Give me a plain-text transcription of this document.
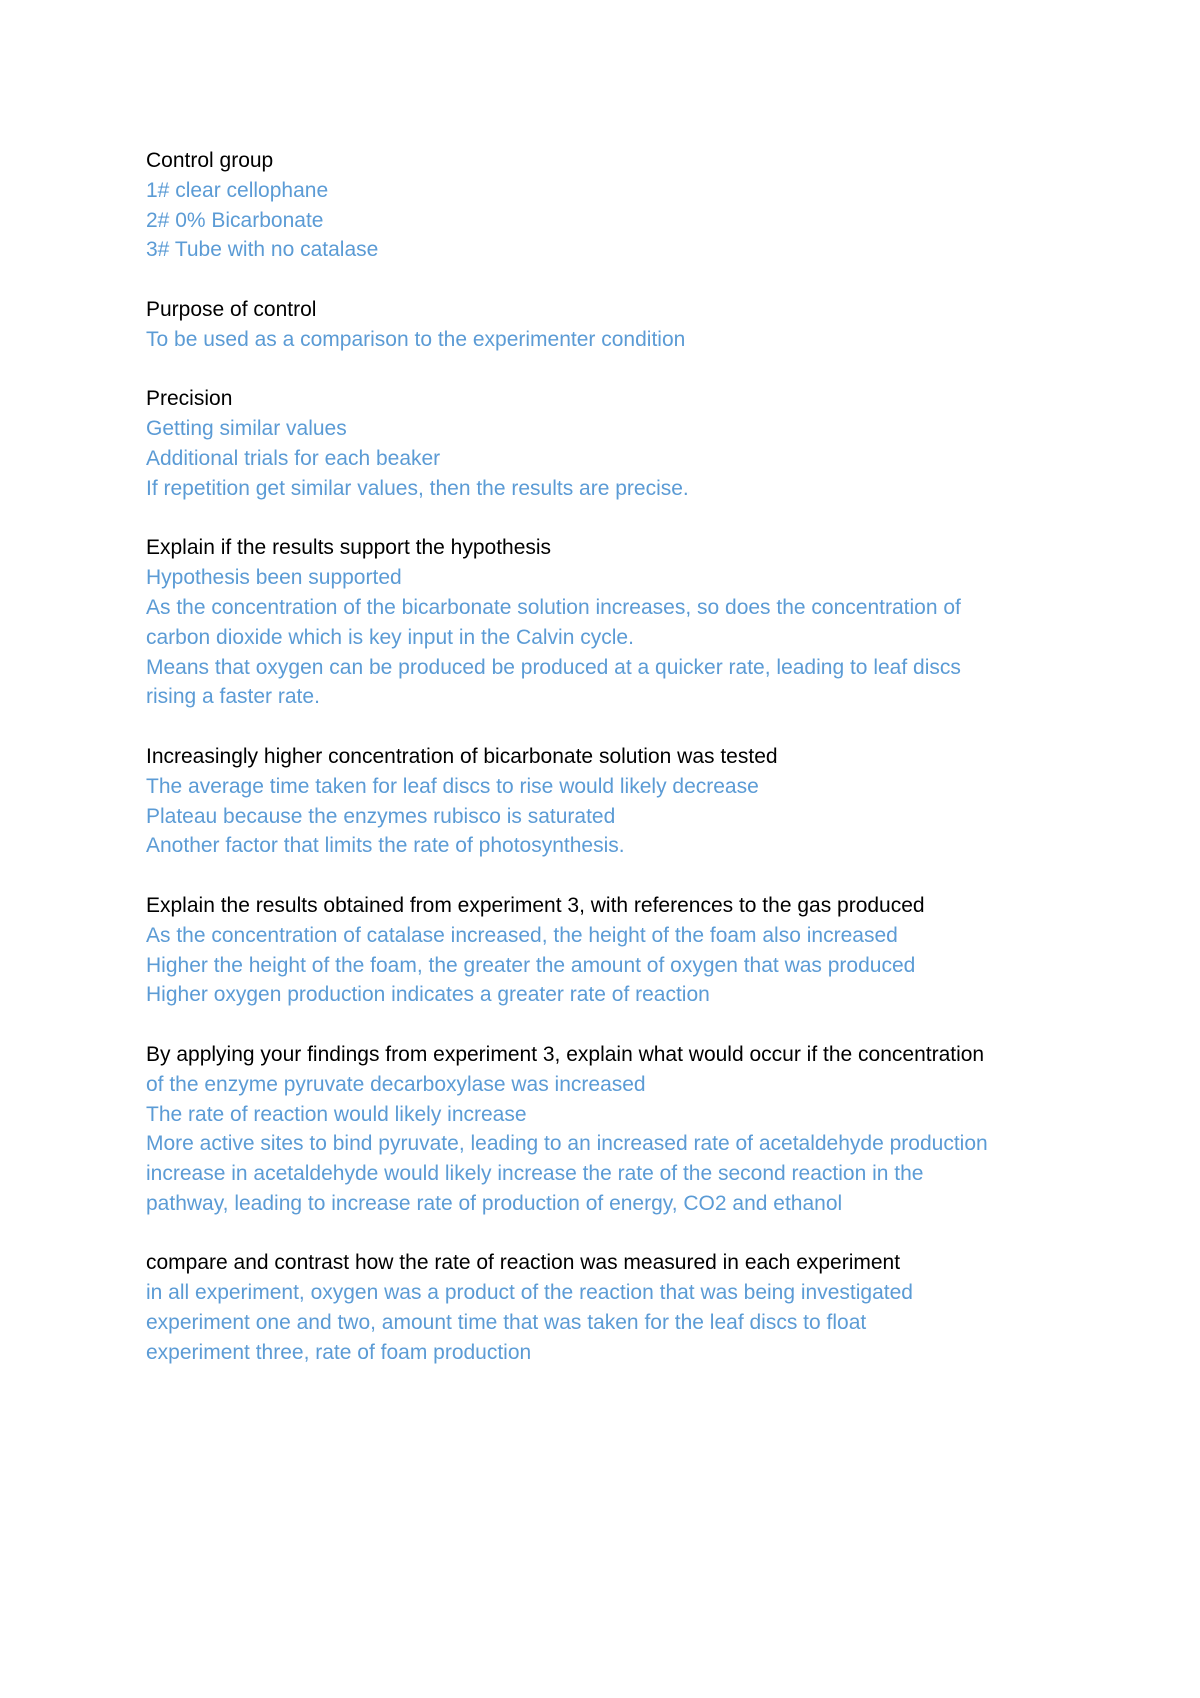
Control group
1# clear cellophane
2# 0% Bicarbonate
3# Tube with no catalase
Purpose of control
To be used as a comparison to the experimenter condition
Precision
Getting similar values
Additional trials for each beaker
If repetition get similar values, then the results are precise.
Explain if the results support the hypothesis
Hypothesis been supported
As the concentration of the bicarbonate solution increases, so does the concentration of
carbon dioxide which is key input in the Calvin cycle.
Means that oxygen can be produced be produced at a quicker rate, leading to leaf discs
rising a faster rate.
Increasingly higher concentration of bicarbonate solution was tested
The average time taken for leaf discs to rise would likely decrease
Plateau because the enzymes rubisco is saturated
Another factor that limits the rate of photosynthesis.
Explain the results obtained from experiment 3, with references to the gas produced
As the concentration of catalase increased, the height of the foam also increased
Higher the height of the foam, the greater the amount of oxygen that was produced
Higher oxygen production indicates a greater rate of reaction
By applying your findings from experiment 3, explain what would occur if the concentration
of the enzyme pyruvate decarboxylase was increased
The rate of reaction would likely increase
More active sites to bind pyruvate, leading to an increased rate of acetaldehyde production
increase in acetaldehyde would likely increase the rate of the second reaction in the
pathway, leading to increase rate of production of energy, CO2 and ethanol
compare and contrast how the rate of reaction was measured in each experiment
in all experiment, oxygen was a product of the reaction that was being investigated
experiment one and two, amount time that was taken for the leaf discs to float
experiment three, rate of foam production
